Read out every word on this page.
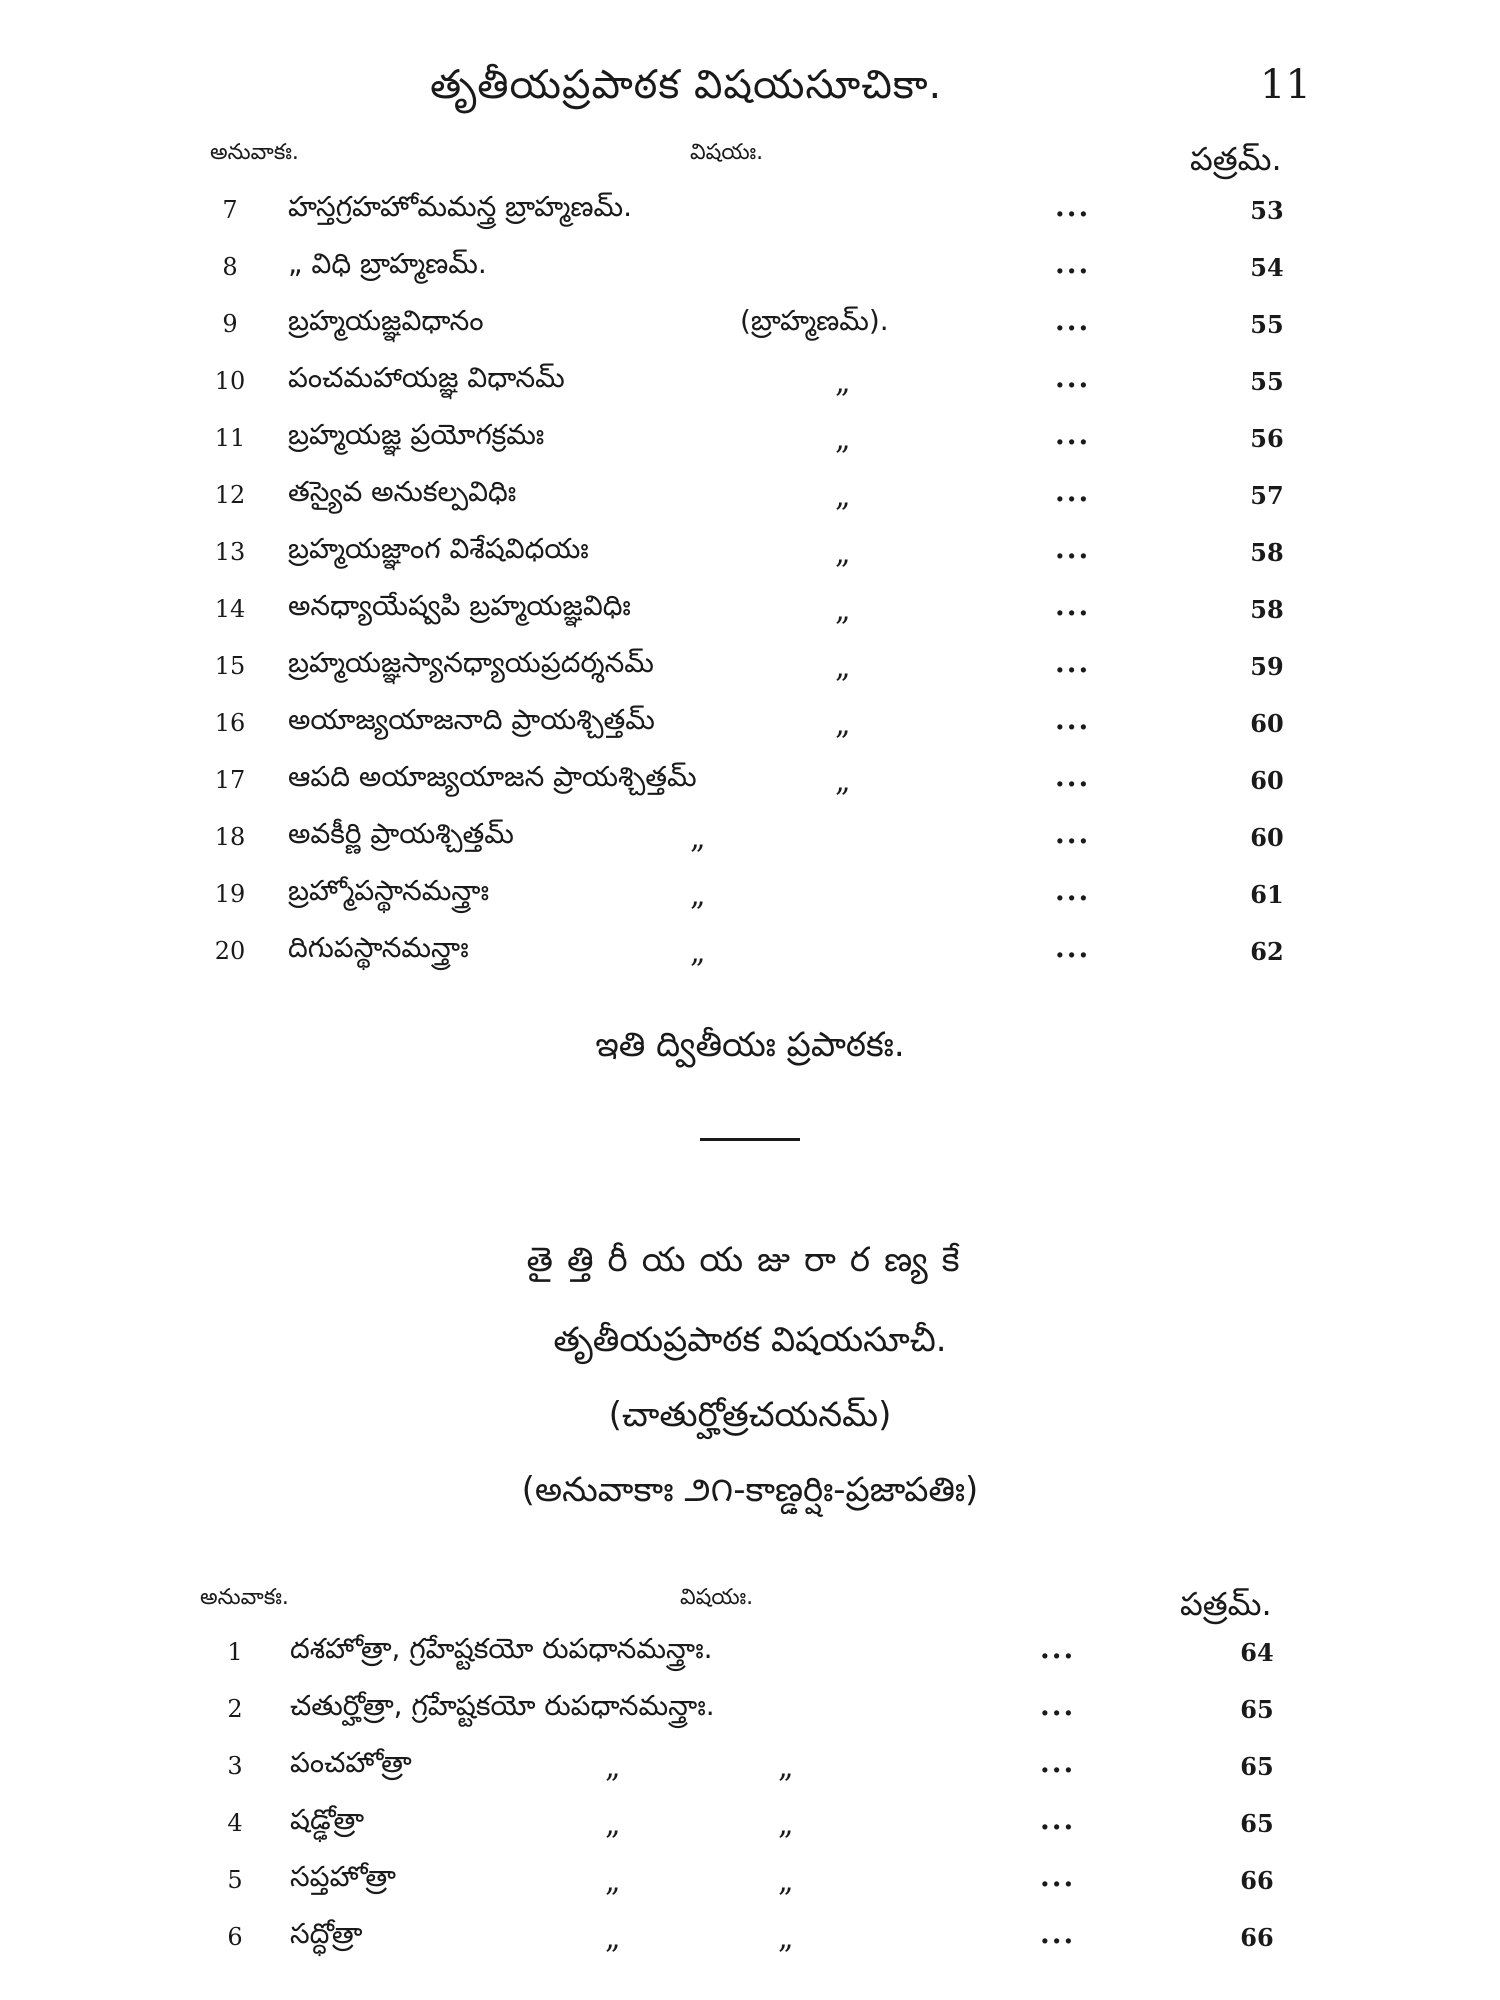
తృతీయప్రపాఠక విషయసూచికా.	11
అనువాకః.	విషయః.	పత్రమ్.
7	హస్తగ్రహహోమమన్త్ర బ్రాహ్మణమ్.	...	53
8	„ విధి బ్రాహ్మణమ్.	...	54
9	బ్రహ్మయజ్ఞవిధానం	(బ్రాహ్మణమ్).	...	55
10	పంచమహాయజ్ఞ విధానమ్	„	...	55
11	బ్రహ్మయజ్ఞ ప్రయోగక్రమః	„	...	56
12	తస్యైవ అనుకల్పవిధిః	„	...	57
13	బ్రహ్మయజ్ఞాంగ విశేషవిధయః	„	...	58
14	అనధ్యాయేష్వపి బ్రహ్మయజ్ఞవిధిః	„	...	58
15	బ్రహ్మయజ్ఞస్యానధ్యాయప్రదర్శనమ్	„	...	59
16	అయాజ్యయాజనాది ప్రాయశ్చిత్తమ్	„	...	60
17	ఆపది అయాజ్యయాజన ప్రాయశ్చిత్తమ్	„	...	60
18	అవకీర్ణి ప్రాయశ్చిత్తమ్	„	...	60
19	బ్రహ్మోపస్థానమన్త్రాః	„	...	61
20	దిగుపస్థానమన్త్రాః	„	...	62
ఇతి ద్వితీయః ప్రపాఠకః.
తైత్తిరీయయజురారణ్యకే
తృతీయప్రపాఠక విషయసూచీ.
(చాతుర్హోత్రచయనమ్)
(అనువాకాః ౨౧-కాణ్డర్షిః-ప్రజాపతిః)
అనువాకః.	విషయః.	పత్రమ్.
1	దశహోత్రా, గ్రహేష్టకయో రుపధానమన్త్రాః.	...	64
2	చతుర్హోత్రా, గ్రహేష్టకయో రుపధానమన్త్రాః.	...	65
3	పంచహోత్రా	„	„	...	65
4	షడ్ఢోత్రా	„	„	...	65
5	సప్తహోత్రా	„	„	...	66
6	సద్ధోత్రా	„	„	...	66
